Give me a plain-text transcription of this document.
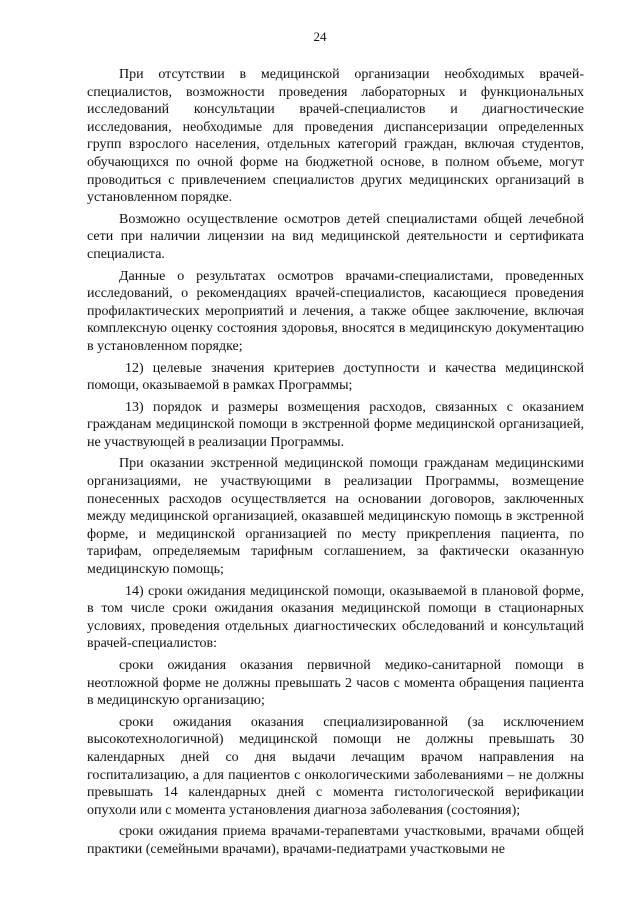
24

При отсутствии в медицинской организации необходимых врачей-специалистов, возможности проведения лабораторных и функциональных исследований консультации врачей-специалистов и диагностические исследования, необходимые для проведения диспансеризации определенных групп взрослого населения, отдельных категорий граждан, включая студентов, обучающихся по очной форме на бюджетной основе, в полном объеме, могут проводиться с привлечением специалистов других медицинских организаций в установленном порядке.

Возможно осуществление осмотров детей специалистами общей лечебной сети при наличии лицензии на вид медицинской деятельности и сертификата специалиста.

Данные о результатах осмотров врачами-специалистами, проведенных исследований, о рекомендациях врачей-специалистов, касающиеся проведения профилактических мероприятий и лечения, а также общее заключение, включая комплексную оценку состояния здоровья, вносятся в медицинскую документацию в установленном порядке;

12) целевые значения критериев доступности и качества медицинской помощи, оказываемой в рамках Программы;

13) порядок и размеры возмещения расходов, связанных с оказанием гражданам медицинской помощи в экстренной форме медицинской организацией, не участвующей в реализации Программы.

При оказании экстренной медицинской помощи гражданам медицинскими организациями, не участвующими в реализации Программы, возмещение понесенных расходов осуществляется на основании договоров, заключенных между медицинской организацией, оказавшей медицинскую помощь в экстренной форме, и медицинской организацией по месту прикрепления пациента, по тарифам, определяемым тарифным соглашением, за фактически оказанную медицинскую помощь;

14) сроки ожидания медицинской помощи, оказываемой в плановой форме, в том числе сроки ожидания оказания медицинской помощи в стационарных условиях, проведения отдельных диагностических обследований и консультаций врачей-специалистов:

сроки ожидания оказания первичной медико-санитарной помощи в неотложной форме не должны превышать 2 часов с момента обращения пациента в медицинскую организацию;

сроки ожидания оказания специализированной (за исключением высокотехнологичной) медицинской помощи не должны превышать 30 календарных дней со дня выдачи лечащим врачом направления на госпитализацию, а для пациентов с онкологическими заболеваниями – не должны превышать 14 календарных дней с момента гистологической верификации опухоли или с момента установления диагноза заболевания (состояния);

сроки ожидания приема врачами-терапевтами участковыми, врачами общей практики (семейными врачами), врачами-педиатрами участковыми не
